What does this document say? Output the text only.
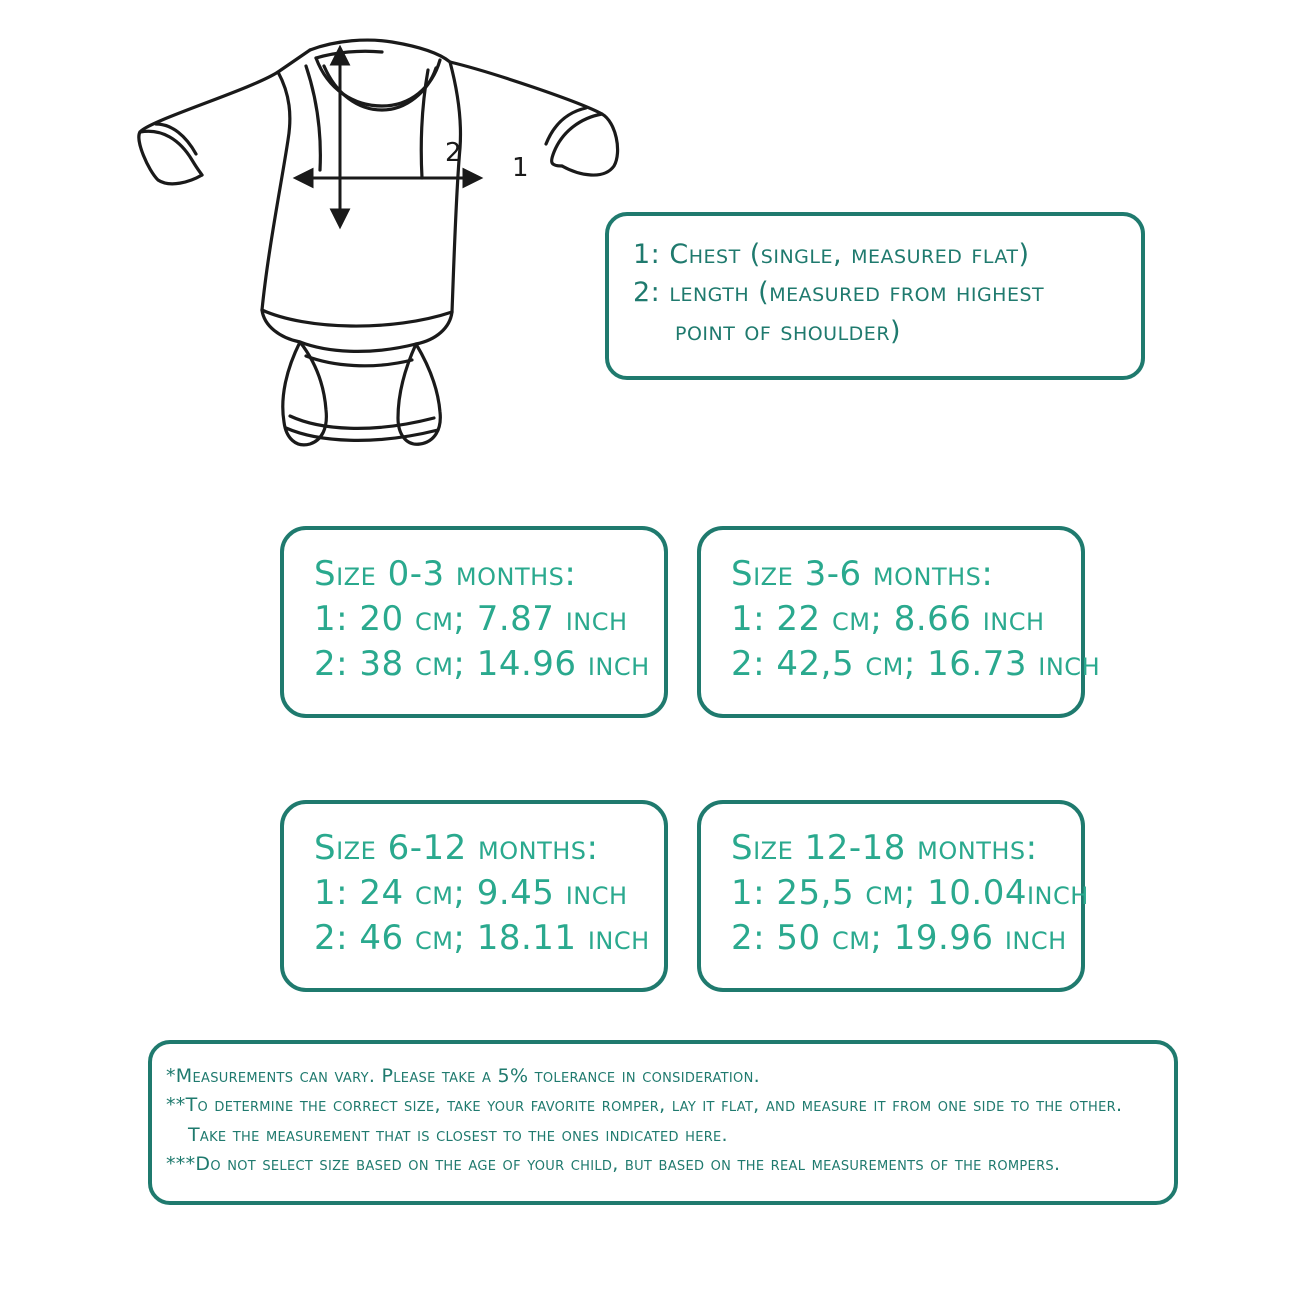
2 1
1: Chest (single, measured flat)
2: length (measured from highest
point of shoulder)
Size 0-3 months:
1: 20 cm; 7.87 inch
2: 38 cm; 14.96 inch
Size 3-6 months:
1: 22 cm; 8.66 inch
2: 42,5 cm; 16.73 inch
Size 6-12 months:
1: 24 cm; 9.45 inch
2: 46 cm; 18.11 inch
Size 12-18 months:
1: 25,5 cm; 10.04inch
2: 50 cm; 19.96 inch
*Measurements can vary. Please take a 5% tolerance in consideration.
**To determine the correct size, take your favorite romper, lay it flat, and measure it from one side to the other.
Take the measurement that is closest to the ones indicated here.
***Do not select size based on the age of your child, but based on the real measurements of the rompers.
